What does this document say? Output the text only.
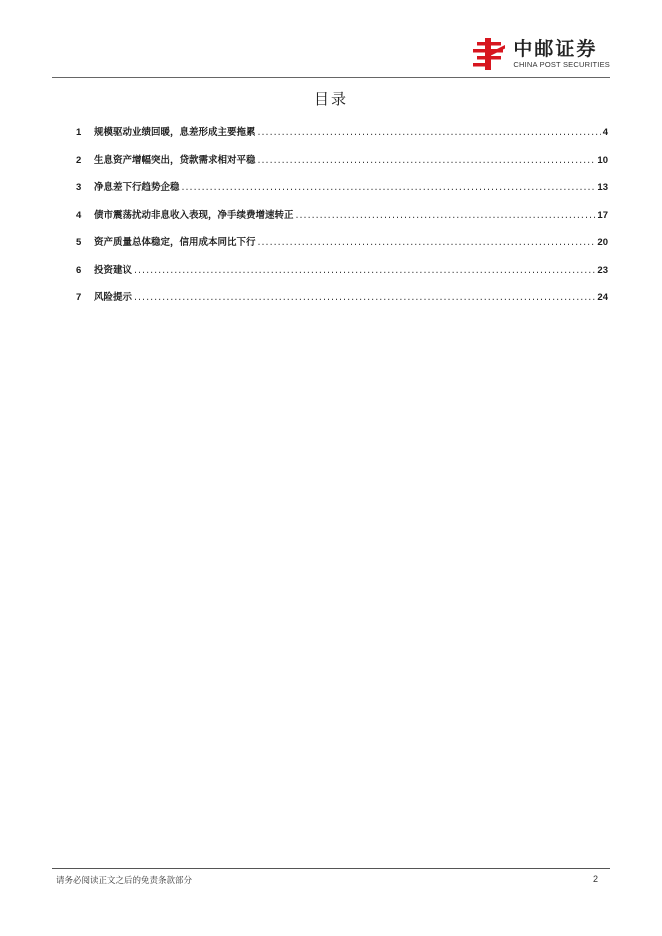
中邮证券
CHINA POST SECURITIES
目录
1	规模驱动业绩回暖，息差形成主要拖累 .....	4
2	生息资产增幅突出，贷款需求相对平稳 .....	10
3	净息差下行趋势企稳 .....	13
4	债市震荡扰动非息收入表现，净手续费增速转正 .....	17
5	资产质量总体稳定，信用成本同比下行 .....	20
6	投资建议 .....	23
7	风险提示 .....	24
请务必阅读正文之后的免责条款部分	2
